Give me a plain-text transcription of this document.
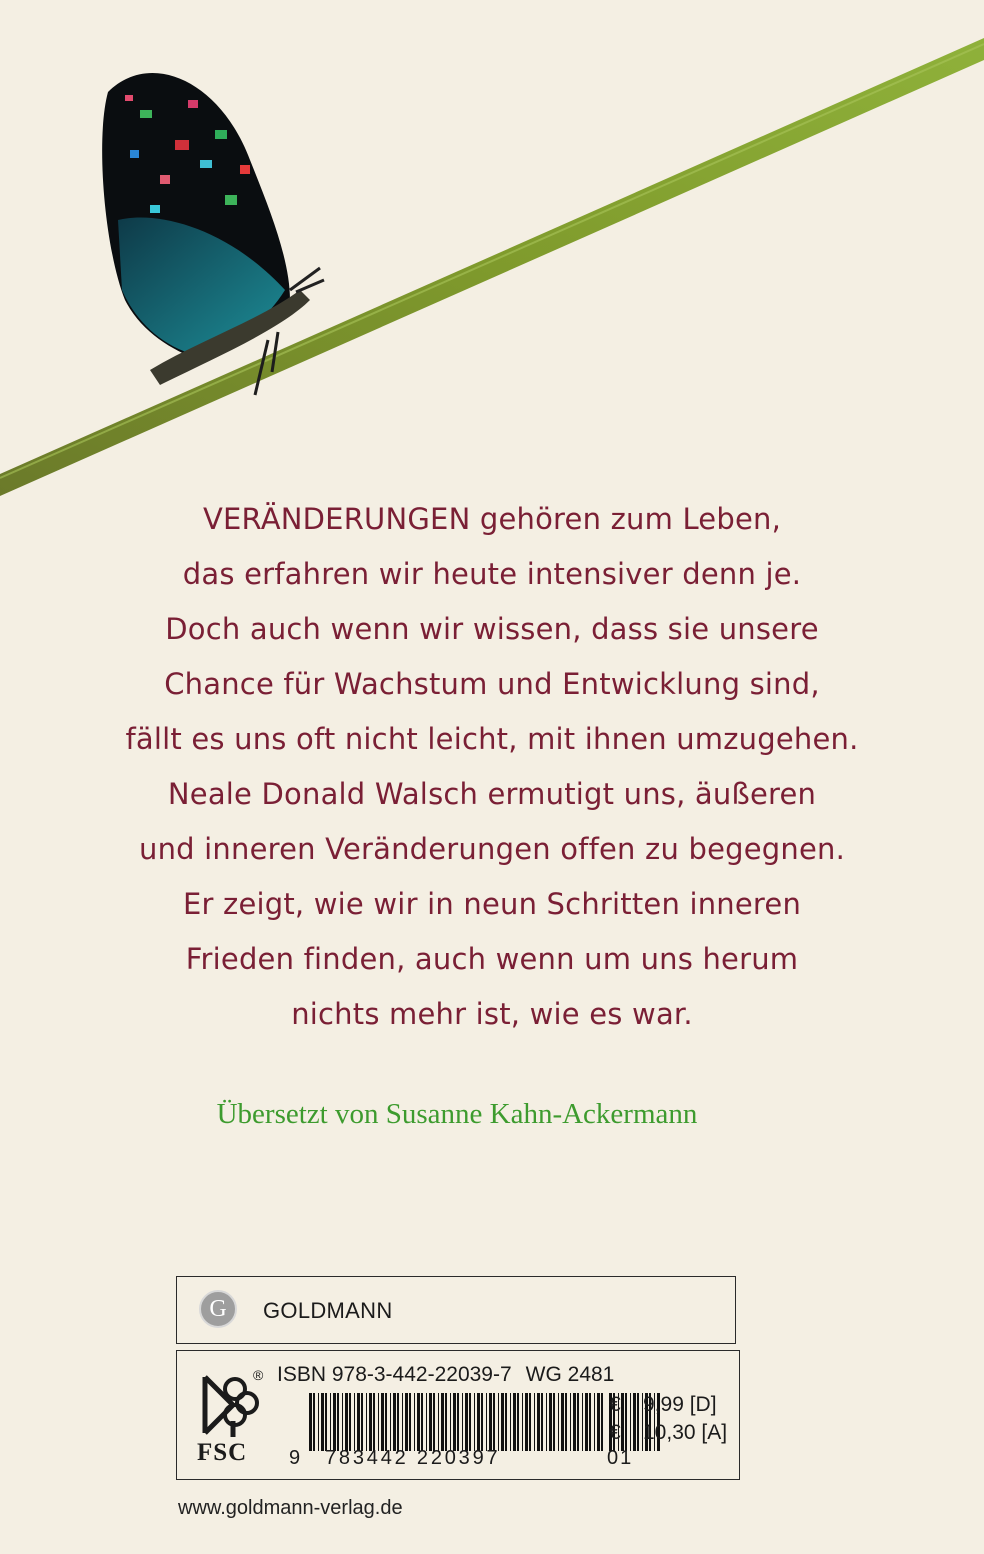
VERÄNDERUNGEN gehören zum Leben,
das erfahren wir heute intensiver denn je.
Doch auch wenn wir wissen, dass sie unsere
Chance für Wachstum und Entwicklung sind,
fällt es uns oft nicht leicht, mit ihnen umzugehen.
Neale Donald Walsch ermutigt uns, äußeren
und inneren Veränderungen offen zu begegnen.
Er zeigt, wie wir in neun Schritten inneren
Frieden finden, auch wenn um uns herum
nichts mehr ist, wie es war.
Übersetzt von Susanne Kahn-Ackermann
G	GOLDMANN
FSC
® ISBN 978-3-442-22039-7 WG 2481
9 783442 220397	01
€ 9,99 [D]
€ 10,30 [A]
www.goldmann-verlag.de
